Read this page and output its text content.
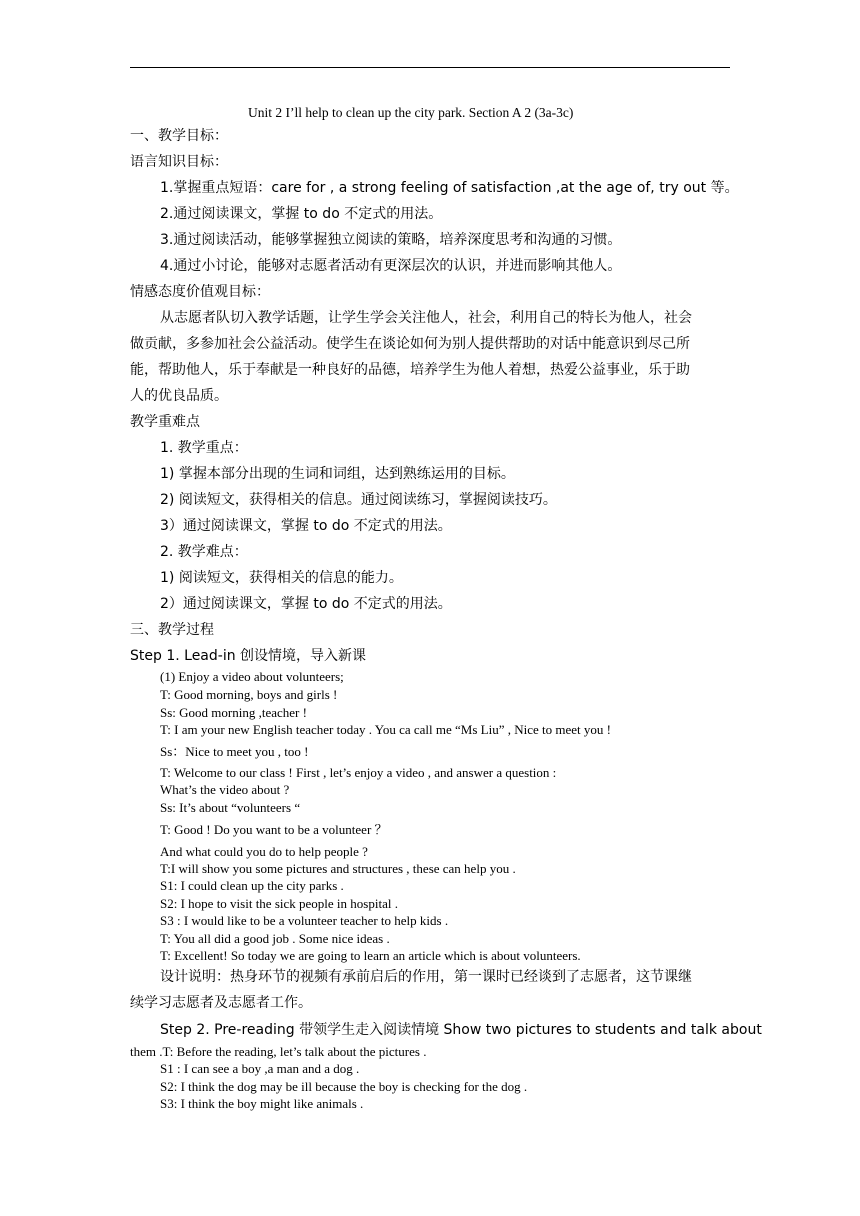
Unit 2 I’ll help to clean up the city park. Section A 2 (3a-3c)
一、教学目标：
语言知识目标：
1.掌握重点短语：care for , a strong feeling of satisfaction ,at the age of, try out 等。
2.通过阅读课文，掌握 to do 不定式的用法。
3.通过阅读活动，能够掌握独立阅读的策略，培养深度思考和沟通的习惯。
4.通过小讨论，能够对志愿者活动有更深层次的认识，并进而影响其他人。
情感态度价值观目标：
从志愿者队切入教学话题，让学生学会关注他人，社会，利用自己的特长为他人，社会
做贡献，多参加社会公益活动。使学生在谈论如何为别人提供帮助的对话中能意识到尽己所
能，帮助他人，乐于奉献是一种良好的品德，培养学生为他人着想，热爱公益事业，乐于助
人的优良品质。
教学重难点
1. 教学重点：
1) 掌握本部分出现的生词和词组，达到熟练运用的目标。
2) 阅读短文，获得相关的信息。通过阅读练习，掌握阅读技巧。
3）通过阅读课文，掌握 to do 不定式的用法。
2. 教学难点：
1) 阅读短文，获得相关的信息的能力。
2）通过阅读课文，掌握 to do 不定式的用法。
三、教学过程
Step 1. Lead-in 创设情境，导入新课
(1) Enjoy a video about volunteers;
T: Good morning, boys and girls !
Ss: Good morning ,teacher !
T: I am your new English teacher today . You ca call me “Ms Liu” , Nice to meet you !
Ss：Nice to meet you , too !
T: Welcome to our class ! First , let’s enjoy a video , and answer a question :
What’s the video about ?
Ss: It’s about “volunteers “
T: Good ! Do you want to be a volunteer ？
And what could you do to help people ?
T:I will show you some pictures and structures , these can help you .
S1: I could clean up the city parks .
S2: I hope to visit the sick people in hospital .
S3 : I would like to be a volunteer teacher to help kids .
T: You all did a good job . Some nice ideas .
T: Excellent! So today we are going to learn an article which is about volunteers.
设计说明：热身环节的视频有承前启后的作用，第一课时已经谈到了志愿者，这节课继
续学习志愿者及志愿者工作。
Step 2. Pre-reading 带领学生走入阅读情境 Show two pictures to students and talk about
them .T: Before the reading, let’s talk about the pictures .
S1 : I can see a boy ,a man and a dog .
S2: I think the dog may be ill because the boy is checking for the dog .
S3: I think the boy might like animals .
